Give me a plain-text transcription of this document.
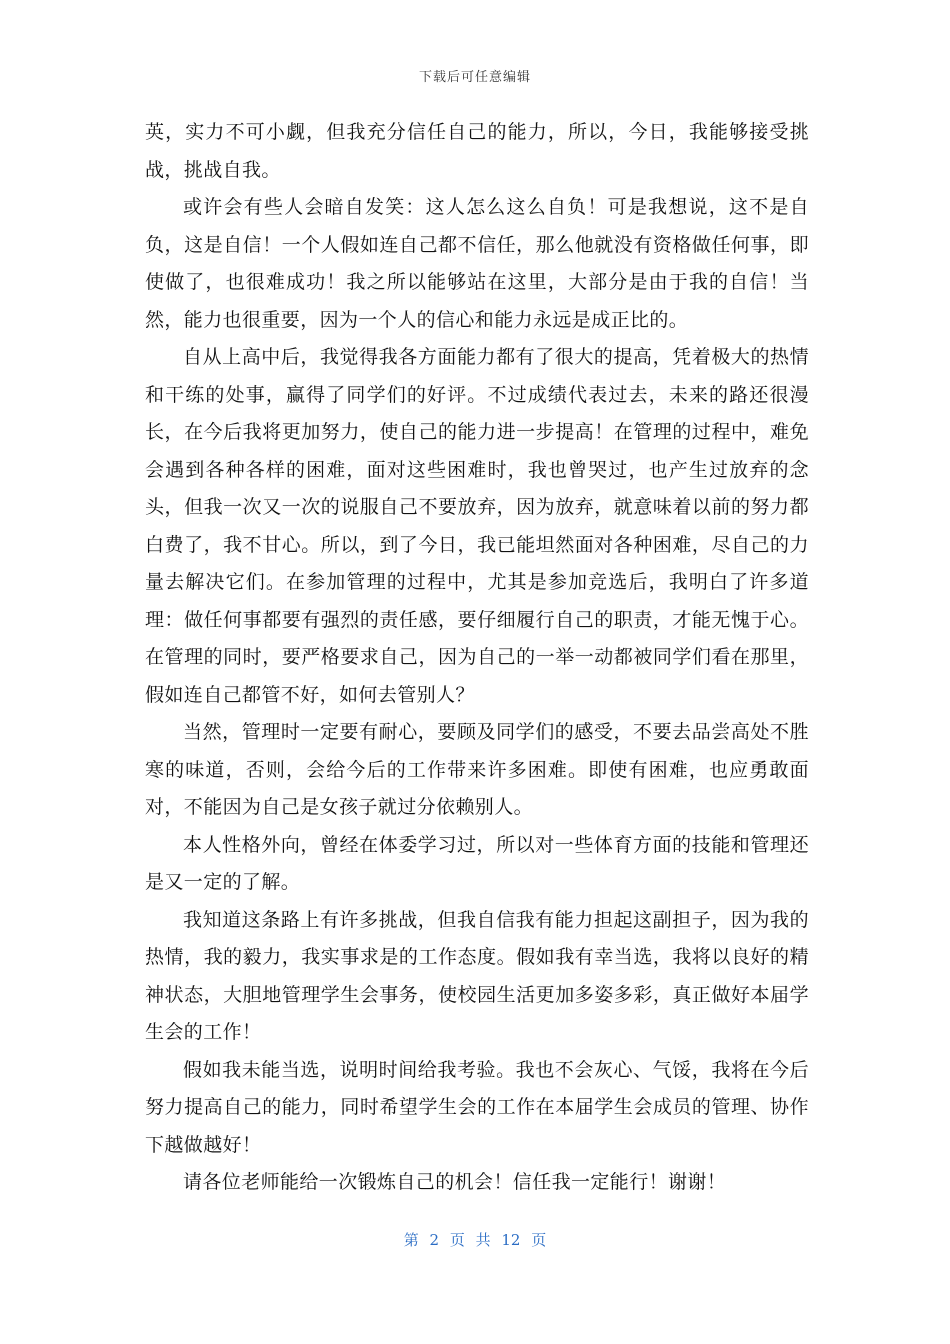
下载后可任意编辑

英，实力不可小觑，但我充分信任自己的能力，所以，今日，我能够接受挑战，挑战自我。

或许会有些人会暗自发笑：这人怎么这么自负！可是我想说，这不是自负，这是自信！一个人假如连自己都不信任，那么他就没有资格做任何事，即使做了，也很难成功！我之所以能够站在这里，大部分是由于我的自信！当然，能力也很重要，因为一个人的信心和能力永远是成正比的。

自从上高中后，我觉得我各方面能力都有了很大的提高，凭着极大的热情和干练的处事，赢得了同学们的好评。不过成绩代表过去，未来的路还很漫长，在今后我将更加努力，使自己的能力进一步提高！在管理的过程中，难免会遇到各种各样的困难，面对这些困难时，我也曾哭过，也产生过放弃的念头，但我一次又一次的说服自己不要放弃，因为放弃，就意味着以前的努力都白费了，我不甘心。所以，到了今日，我已能坦然面对各种困难，尽自己的力量去解决它们。在参加管理的过程中，尤其是参加竞选后，我明白了许多道理：做任何事都要有强烈的责任感，要仔细履行自己的职责，才能无愧于心。在管理的同时，要严格要求自己，因为自己的一举一动都被同学们看在那里，假如连自己都管不好，如何去管别人？

当然，管理时一定要有耐心，要顾及同学们的感受，不要去品尝高处不胜寒的味道，否则，会给今后的工作带来许多困难。即使有困难，也应勇敢面对，不能因为自己是女孩子就过分依赖别人。

本人性格外向，曾经在体委学习过，所以对一些体育方面的技能和管理还是又一定的了解。

我知道这条路上有许多挑战，但我自信我有能力担起这副担子，因为我的热情，我的毅力，我实事求是的工作态度。假如我有幸当选，我将以良好的精神状态，大胆地管理学生会事务，使校园生活更加多姿多彩，真正做好本届学生会的工作！

假如我未能当选，说明时间给我考验。我也不会灰心、气馁，我将在今后努力提高自己的能力，同时希望学生会的工作在本届学生会成员的管理、协作下越做越好！

请各位老师能给一次锻炼自己的机会！信任我一定能行！谢谢！

第 2 页 共 12 页
